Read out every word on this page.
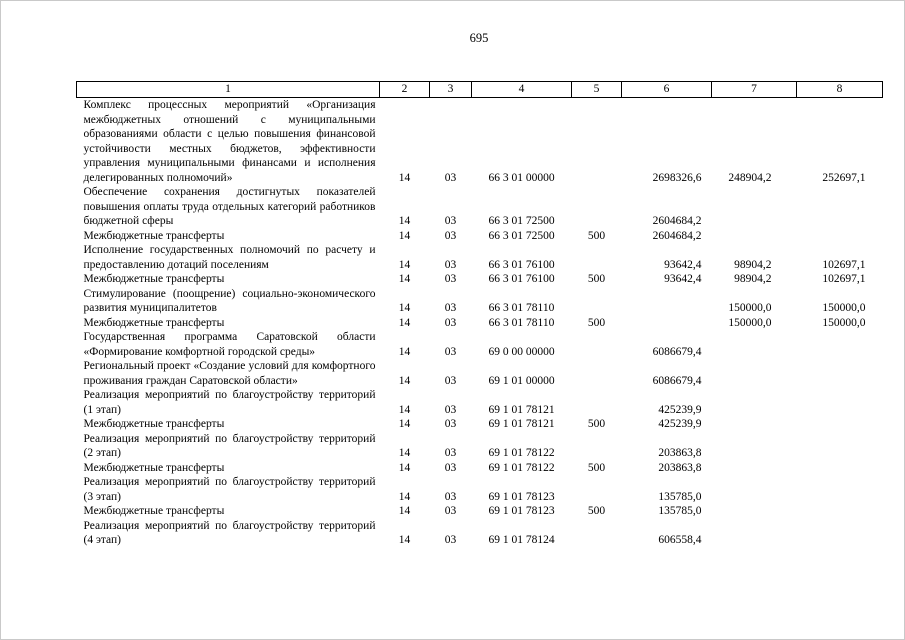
695
1	2	3	4	5	6	7	8
Комплекс процессных мероприятий «Организация межбюджетных отношений с муниципальными образованиями области с целью повышения финансовой устойчивости местных бюджетов, эффективности управления муниципальными финансами и исполнения делегированных полномочий»	14	03	66 3 01 00000		2698326,6	248904,2	252697,1
Обеспечение сохранения достигнутых показателей повышения оплаты труда отдельных категорий работников бюджетной сферы	14	03	66 3 01 72500		2604684,2		
Межбюджетные трансферты	14	03	66 3 01 72500	500	2604684,2		
Исполнение государственных полномочий по расчету и предоставлению дотаций поселениям	14	03	66 3 01 76100		93642,4	98904,2	102697,1
Межбюджетные трансферты	14	03	66 3 01 76100	500	93642,4	98904,2	102697,1
Стимулирование (поощрение) социально-экономического развития муниципалитетов	14	03	66 3 01 78110			150000,0	150000,0
Межбюджетные трансферты	14	03	66 3 01 78110	500		150000,0	150000,0
Государственная программа Саратовской области «Формирование комфортной городской среды»	14	03	69 0 00 00000		6086679,4		
Региональный проект «Создание условий для комфортного проживания граждан Саратовской области»	14	03	69 1 01 00000		6086679,4		
Реализация мероприятий по благоустройству территорий (1 этап)	14	03	69 1 01 78121		425239,9		
Межбюджетные трансферты	14	03	69 1 01 78121	500	425239,9		
Реализация мероприятий по благоустройству территорий (2 этап)	14	03	69 1 01 78122		203863,8		
Межбюджетные трансферты	14	03	69 1 01 78122	500	203863,8		
Реализация мероприятий по благоустройству территорий (3 этап)	14	03	69 1 01 78123		135785,0		
Межбюджетные трансферты	14	03	69 1 01 78123	500	135785,0		
Реализация мероприятий по благоустройству территорий (4 этап)	14	03	69 1 01 78124		606558,4		
